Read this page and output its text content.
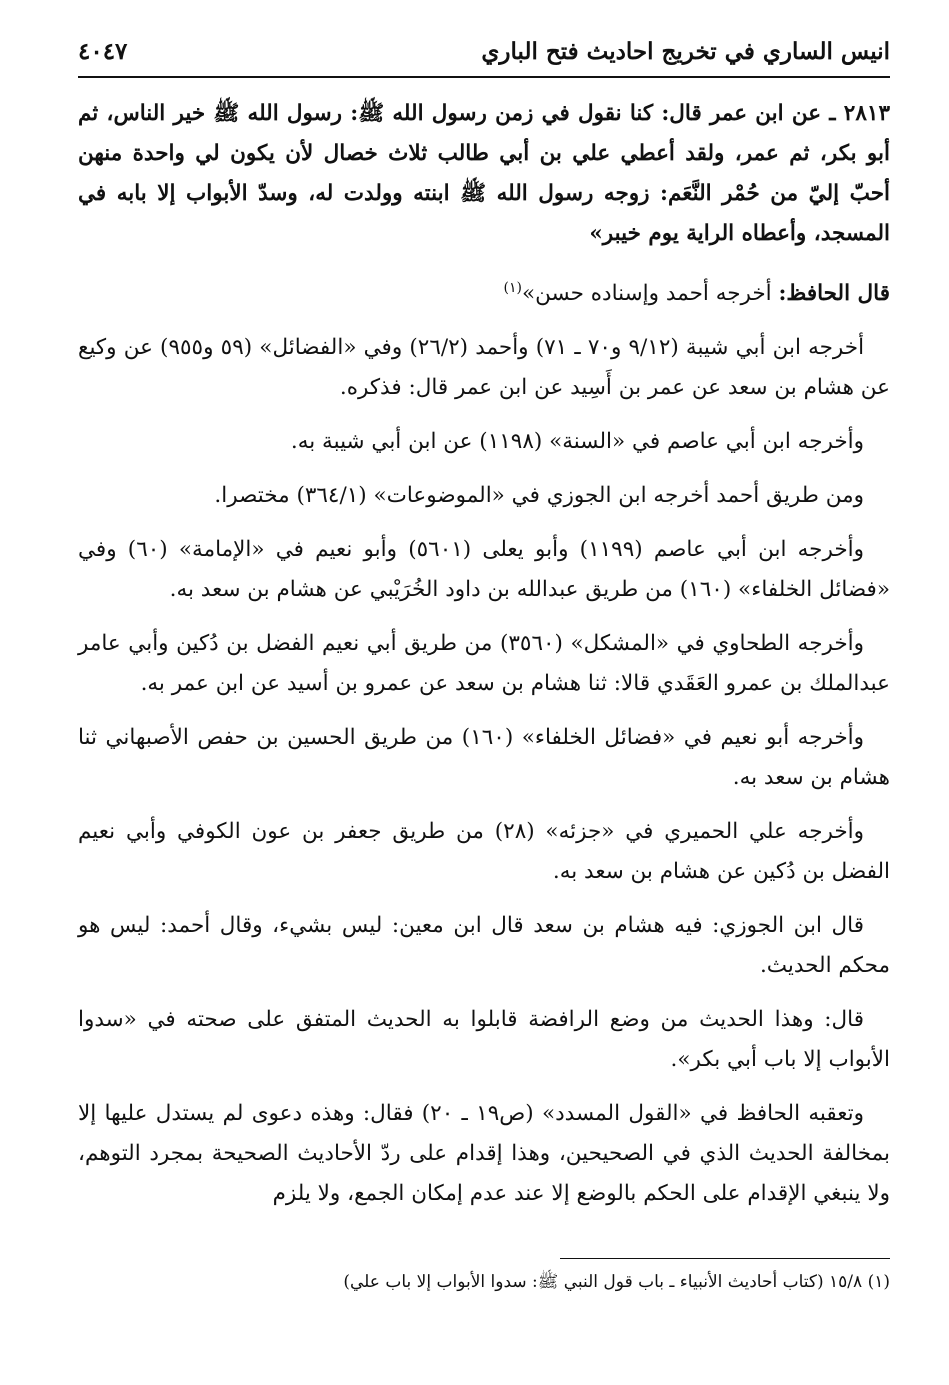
انيس الساري في تخريج احاديث فتح الباري
٤٠٤٧

٢٨١٣ ـ عن ابن عمر قال: كنا نقول في زمن رسول الله ﷺ: رسول الله ﷺ خير الناس، ثم أبو بكر، ثم عمر، ولقد أعطي علي بن أبي طالب ثلاث خصال لأن يكون لي واحدة منهن أحبّ إليّ من حُمْر النَّعَم: زوجه رسول الله ﷺ ابنته وولدت له، وسدّ الأبواب إلا بابه في المسجد، وأعطاه الراية يوم خيبر»

قال الحافظ: أخرجه أحمد وإسناده حسن»$^{(١)}$

أخرجه ابن أبي شيبة (٩/١٢ و٧٠ ـ ٧١) وأحمد (٢٦/٢) وفي «الفضائل» (٥٩ و٩٥٥) عن وكيع عن هشام بن سعد عن عمر بن أَسِيد عن ابن عمر قال: فذكره.

وأخرجه ابن أبي عاصم في «السنة» (١١٩٨) عن ابن أبي شيبة به.

ومن طريق أحمد أخرجه ابن الجوزي في «الموضوعات» (٣٦٤/١) مختصرا.

وأخرجه ابن أبي عاصم (١١٩٩) وأبو يعلى (٥٦٠١) وأبو نعيم في «الإمامة» (٦٠) وفي «فضائل الخلفاء» (١٦٠) من طريق عبدالله بن داود الخُرَيْبي عن هشام بن سعد به.

وأخرجه الطحاوي في «المشكل» (٣٥٦٠) من طريق أبي نعيم الفضل بن دُكين وأبي عامر عبدالملك بن عمرو العَقَدي قالا: ثنا هشام بن سعد عن عمرو بن أسيد عن ابن عمر به.

وأخرجه أبو نعيم في «فضائل الخلفاء» (١٦٠) من طريق الحسين بن حفص الأصبهاني ثنا هشام بن سعد به.

وأخرجه علي الحميري في «جزئه» (٢٨) من طريق جعفر بن عون الكوفي وأبي نعيم الفضل بن دُكين عن هشام بن سعد به.

قال ابن الجوزي: فيه هشام بن سعد قال ابن معين: ليس بشيء، وقال أحمد: ليس هو محكم الحديث.

قال: وهذا الحديث من وضع الرافضة قابلوا به الحديث المتفق على صحته في «سدوا الأبواب إلا باب أبي بكر».

وتعقبه الحافظ في «القول المسدد» (ص١٩ ـ ٢٠) فقال: وهذه دعوى لم يستدل عليها إلا بمخالفة الحديث الذي في الصحيحين، وهذا إقدام على ردّ الأحاديث الصحيحة بمجرد التوهم، ولا ينبغي الإقدام على الحكم بالوضع إلا عند عدم إمكان الجمع، ولا يلزم

(١) ١٥/٨ (كتاب أحاديث الأنبياء ـ باب قول النبي ﷺ: سدوا الأبواب إلا باب علي)
